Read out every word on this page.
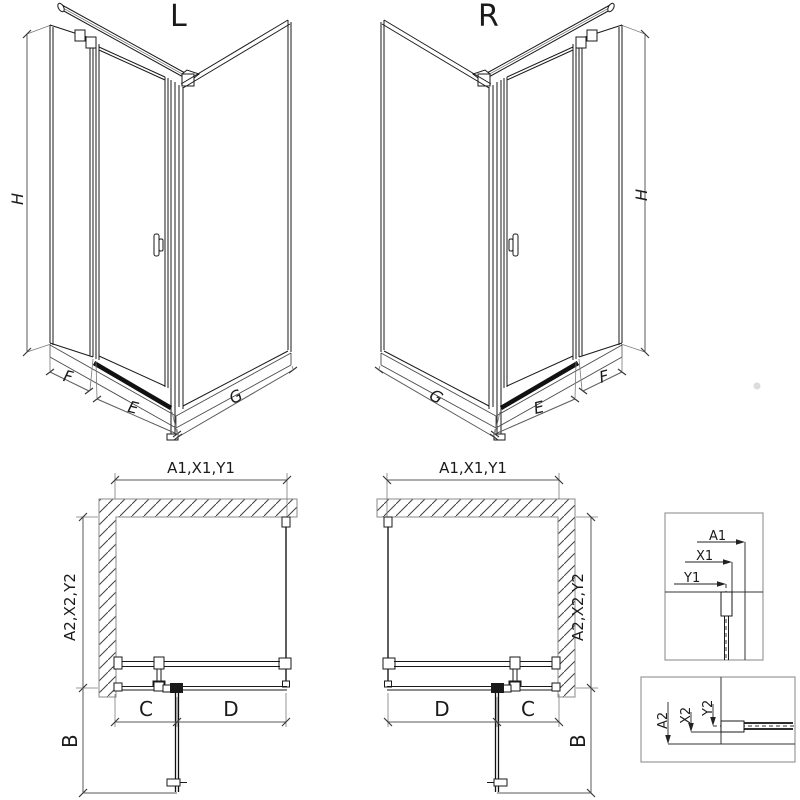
L
H
F
E	G
R
H
F
E
G
A1,X1,Y1
A2,X2,Y2
B
C	D
A1,X1,Y1
A2,X2,Y2
B
C
D
A1
X1
Y1
A2 X2 Y2
